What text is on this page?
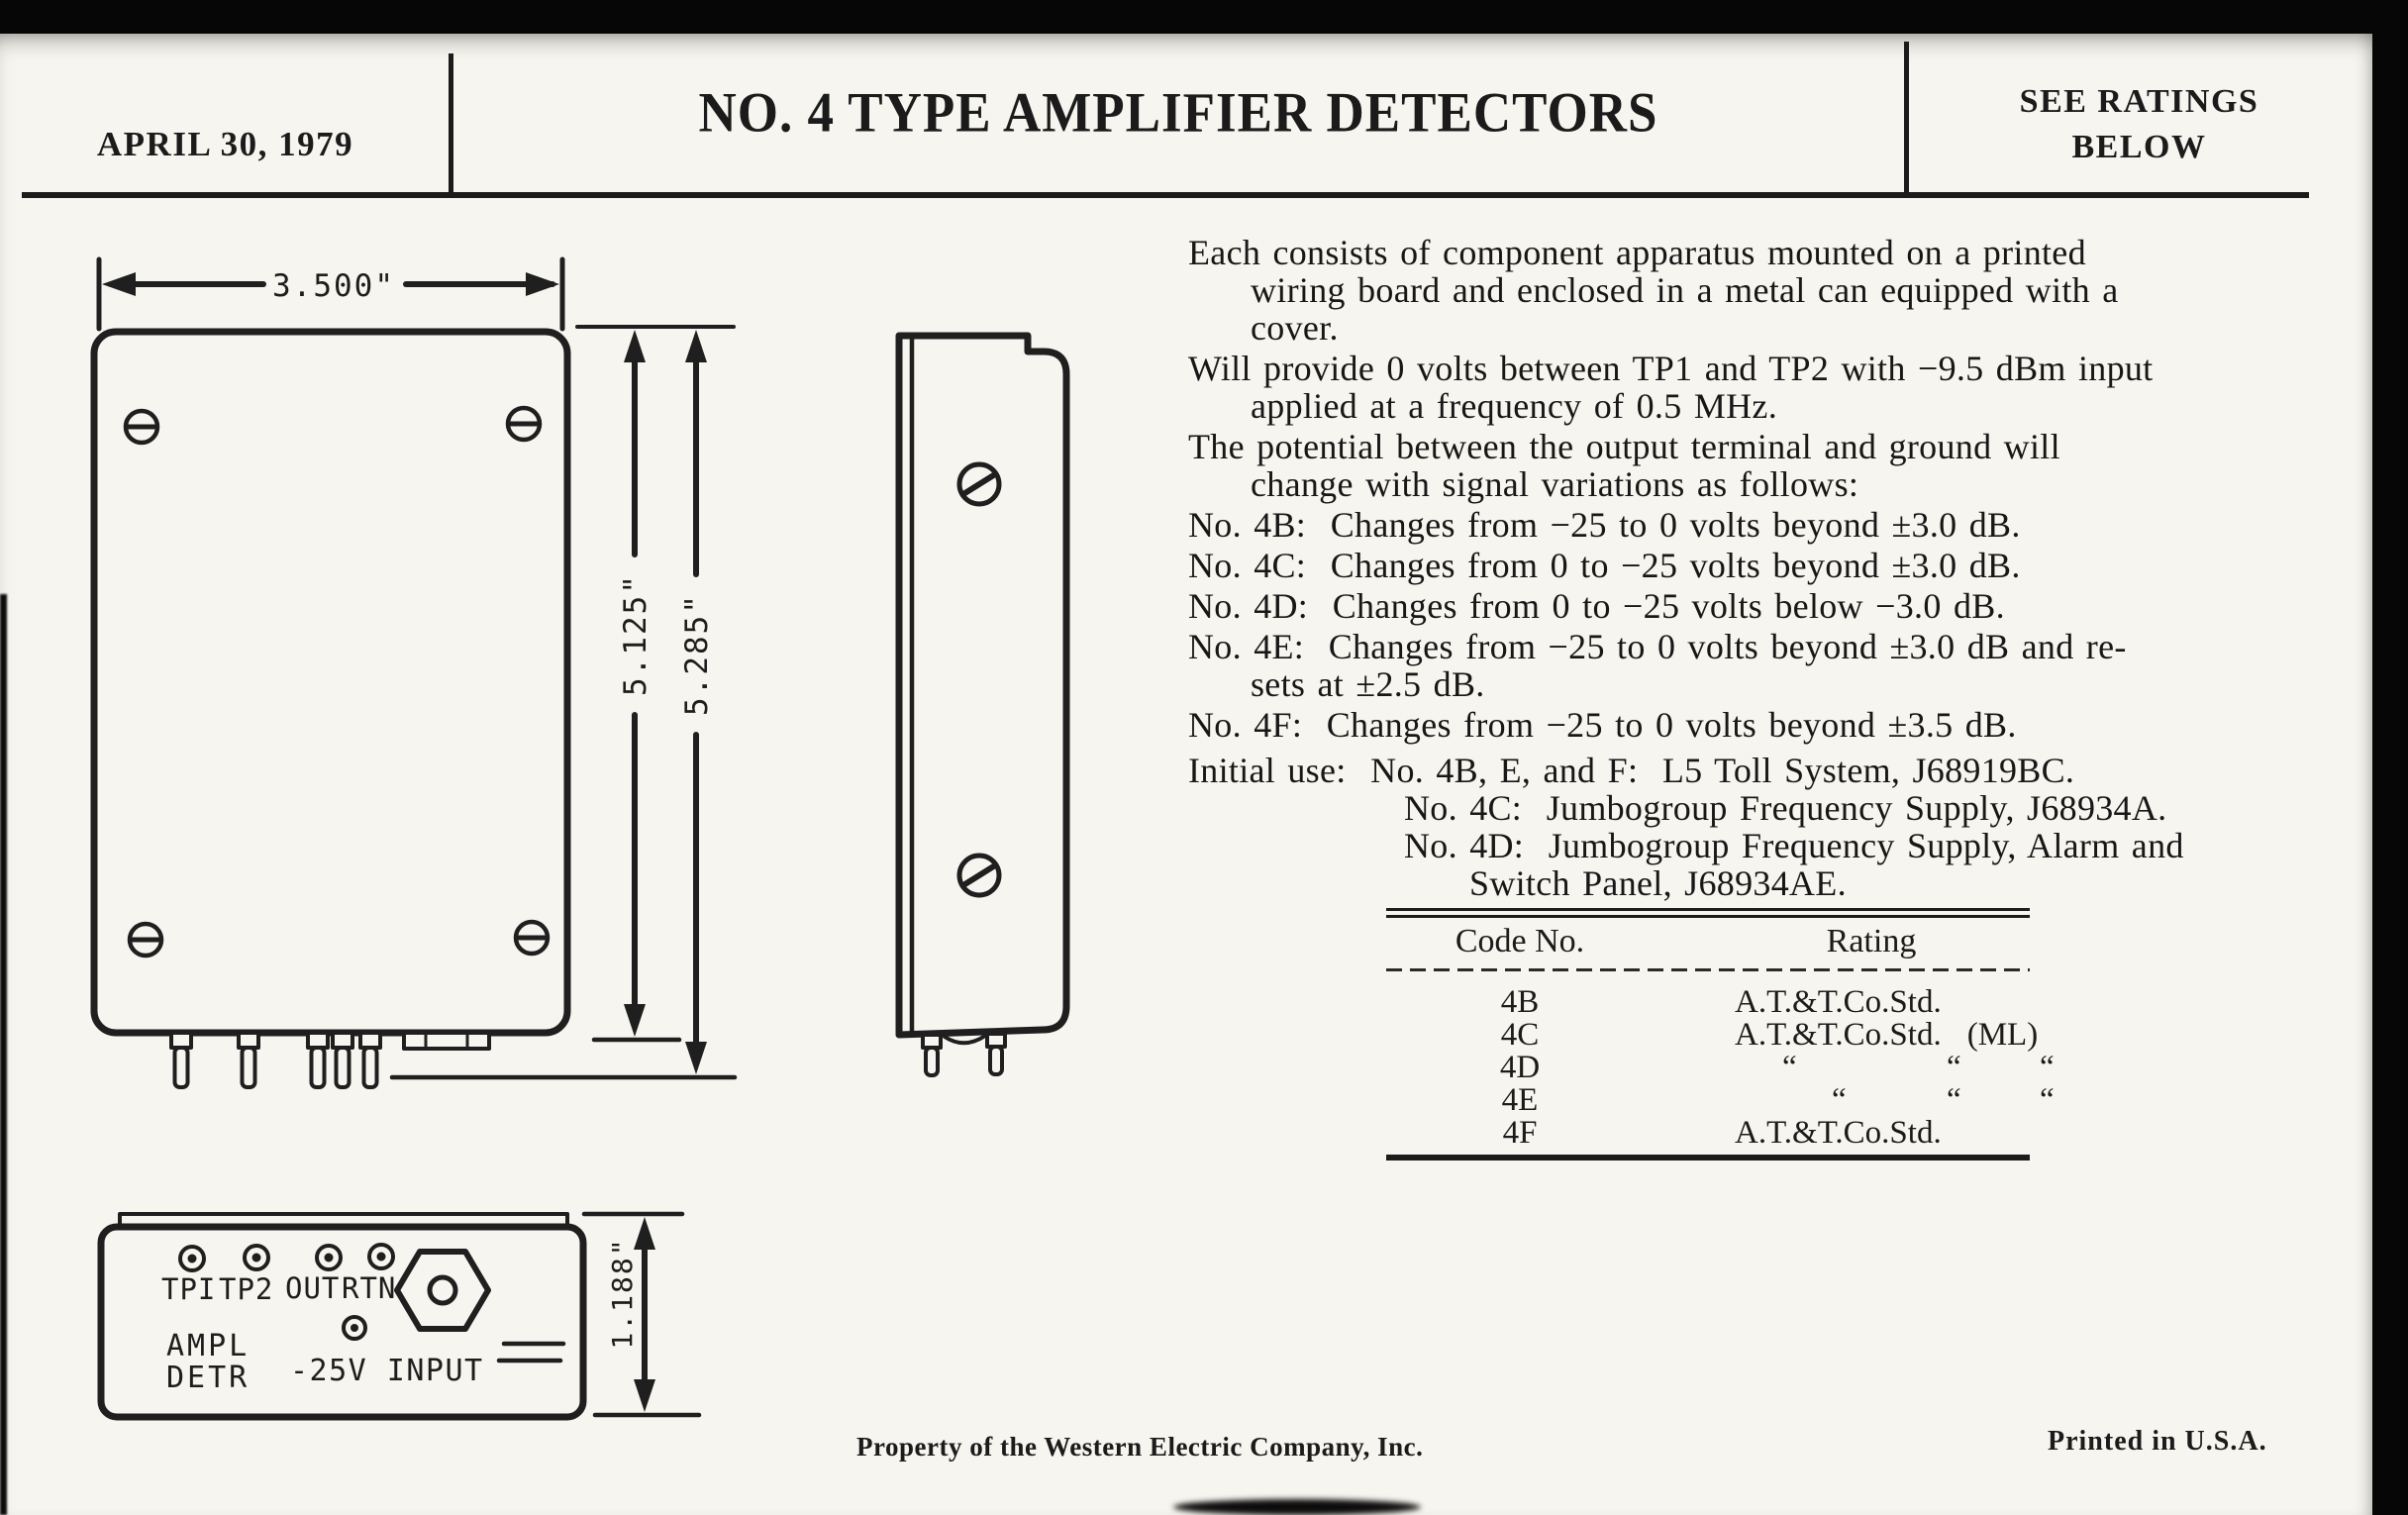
APRIL 30, 1979
NO. 4 TYPE AMPLIFIER DETECTORS	SEE RATINGS
BELOW
Each consists of component apparatus mounted on a printed
wiring board and enclosed in a metal can equipped with a
cover.
Will provide 0 volts between TP1 and TP2 with −9.5 dBm input
applied at a frequency of 0.5 MHz.
The potential between the output terminal and ground will
change with signal variations as follows:
No. 4B:  Changes from −25 to 0 volts beyond ±3.0 dB.
No. 4C:  Changes from 0 to −25 volts beyond ±3.0 dB.
No. 4D:  Changes from 0 to −25 volts below −3.0 dB.
No. 4E:  Changes from −25 to 0 volts beyond ±3.0 dB and re-
sets at ±2.5 dB.
No. 4F:  Changes from −25 to 0 volts beyond ±3.5 dB.
Initial use:  No. 4B, E, and F:  L5 Toll System, J68919BC.
No. 4C:  Jumbogroup Frequency Supply, J68934A.
No. 4D:  Jumbogroup Frequency Supply, Alarm and
Switch Panel, J68934AE.
Code No.	Rating
4B	A.T.&T.Co.Std.
4C	A.T.&T.Co.Std. (ML)
4D	“	“ “
4E	“	“ “
4F	A.T.&T.Co.Std.
Property of the Western Electric Company, Inc.	Printed in U.S.A.
3.500"
5.125" 5.285"
TPI TP2 OUT RTN
AMPL
DETR -25V INPUT
1.188"
